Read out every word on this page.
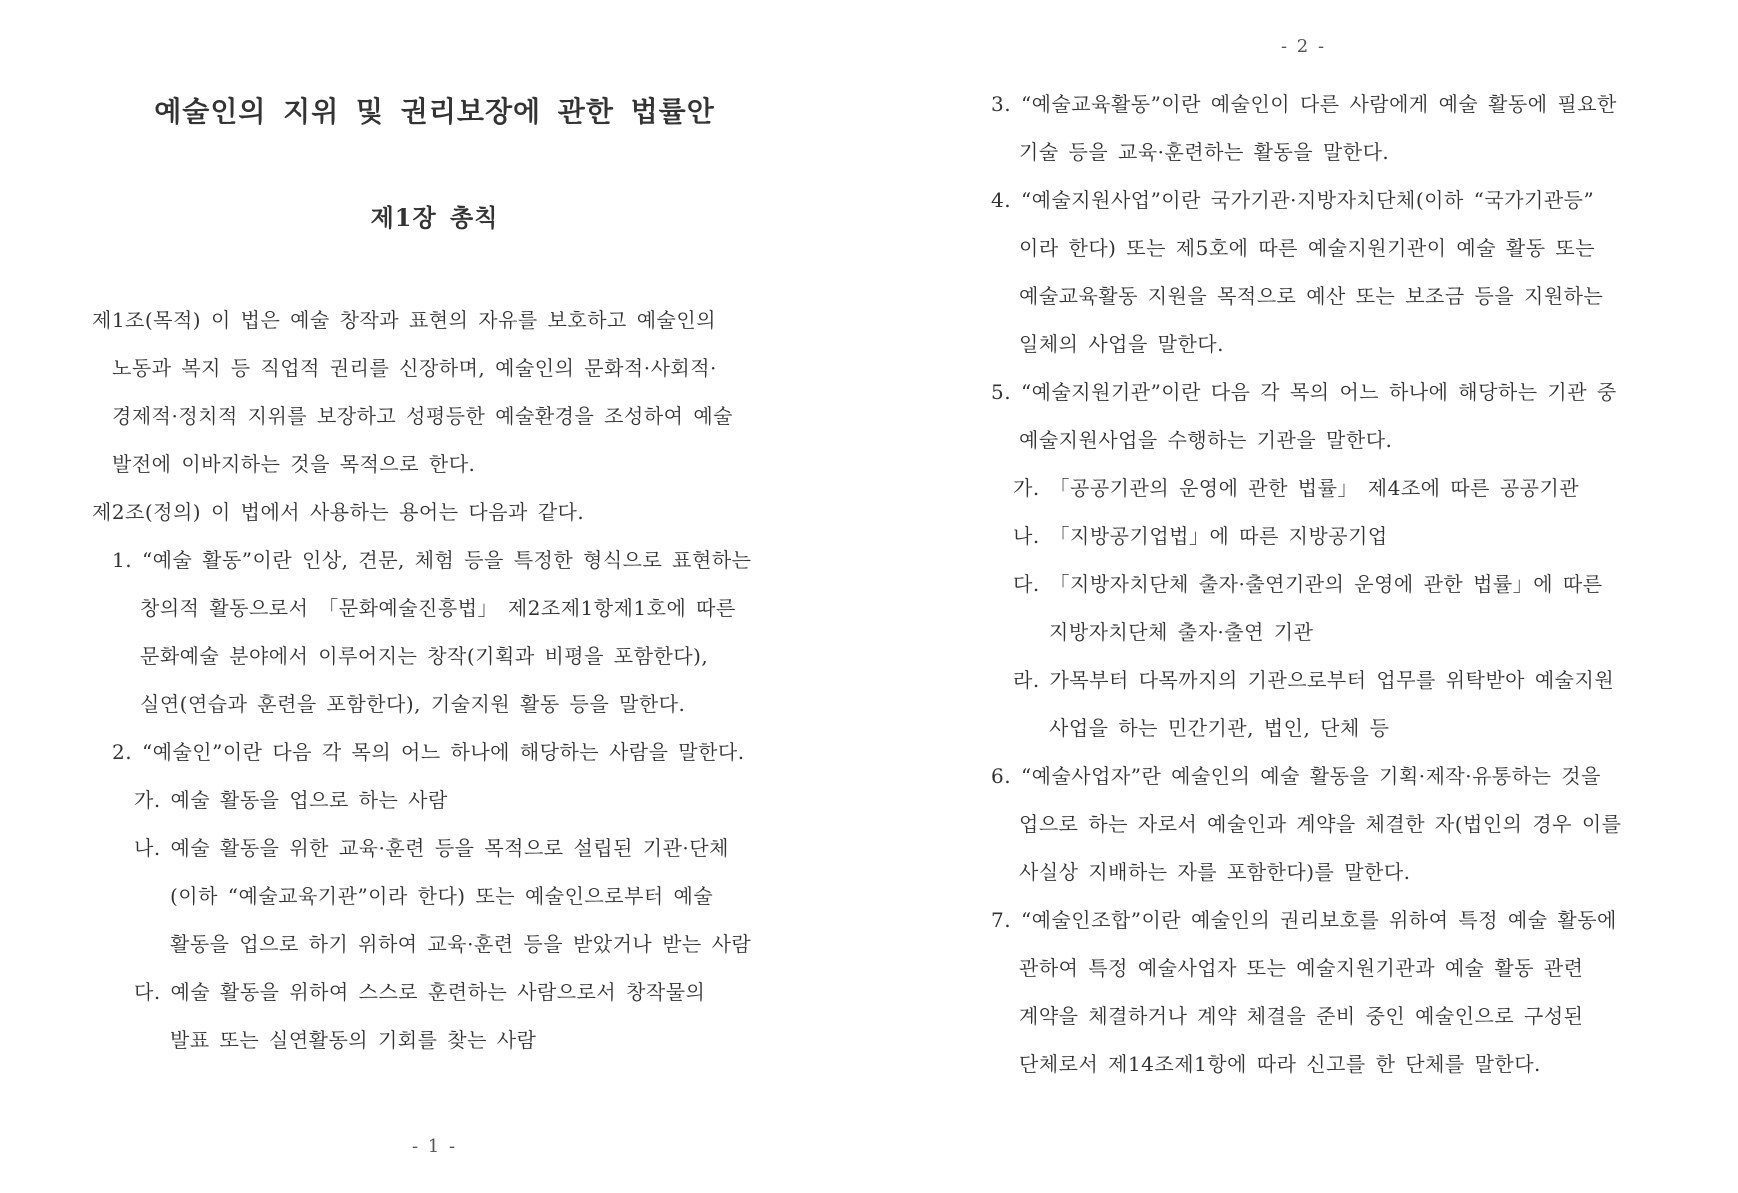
예술인의 지위 및 권리보장에 관한 법률안
제1장 총칙
제1조(목적) 이 법은 예술 창작과 표현의 자유를 보호하고 예술인의
노동과 복지 등 직업적 권리를 신장하며, 예술인의 문화적·사회적·
경제적·정치적 지위를 보장하고 성평등한 예술환경을 조성하여 예술
발전에 이바지하는 것을 목적으로 한다.
제2조(정의) 이 법에서 사용하는 용어는 다음과 같다.
1. “예술 활동”이란 인상, 견문, 체험 등을 특정한 형식으로 표현하는
창의적 활동으로서 「문화예술진흥법」 제2조제1항제1호에 따른
문화예술 분야에서 이루어지는 창작(기획과 비평을 포함한다),
실연(연습과 훈련을 포함한다), 기술지원 활동 등을 말한다.
2. “예술인”이란 다음 각 목의 어느 하나에 해당하는 사람을 말한다.
가. 예술 활동을 업으로 하는 사람
나. 예술 활동을 위한 교육·훈련 등을 목적으로 설립된 기관·단체
(이하 “예술교육기관”이라 한다) 또는 예술인으로부터 예술
활동을 업으로 하기 위하여 교육·훈련 등을 받았거나 받는 사람
다. 예술 활동을 위하여 스스로 훈련하는 사람으로서 창작물의
발표 또는 실연활동의 기회를 찾는 사람
- 1 -
- 2 -
3. “예술교육활동”이란 예술인이 다른 사람에게 예술 활동에 필요한
기술 등을 교육·훈련하는 활동을 말한다.
4. “예술지원사업”이란 국가기관·지방자치단체(이하 “국가기관등”
이라 한다) 또는 제5호에 따른 예술지원기관이 예술 활동 또는
예술교육활동 지원을 목적으로 예산 또는 보조금 등을 지원하는
일체의 사업을 말한다.
5. “예술지원기관”이란 다음 각 목의 어느 하나에 해당하는 기관 중
예술지원사업을 수행하는 기관을 말한다.
가. 「공공기관의 운영에 관한 법률」 제4조에 따른 공공기관
나. 「지방공기업법」에 따른 지방공기업
다. 「지방자치단체 출자·출연기관의 운영에 관한 법률」에 따른
지방자치단체 출자·출연 기관
라. 가목부터 다목까지의 기관으로부터 업무를 위탁받아 예술지원
사업을 하는 민간기관, 법인, 단체 등
6. “예술사업자”란 예술인의 예술 활동을 기획·제작·유통하는 것을
업으로 하는 자로서 예술인과 계약을 체결한 자(법인의 경우 이를
사실상 지배하는 자를 포함한다)를 말한다.
7. “예술인조합”이란 예술인의 권리보호를 위하여 특정 예술 활동에
관하여 특정 예술사업자 또는 예술지원기관과 예술 활동 관련
계약을 체결하거나 계약 체결을 준비 중인 예술인으로 구성된
단체로서 제14조제1항에 따라 신고를 한 단체를 말한다.
